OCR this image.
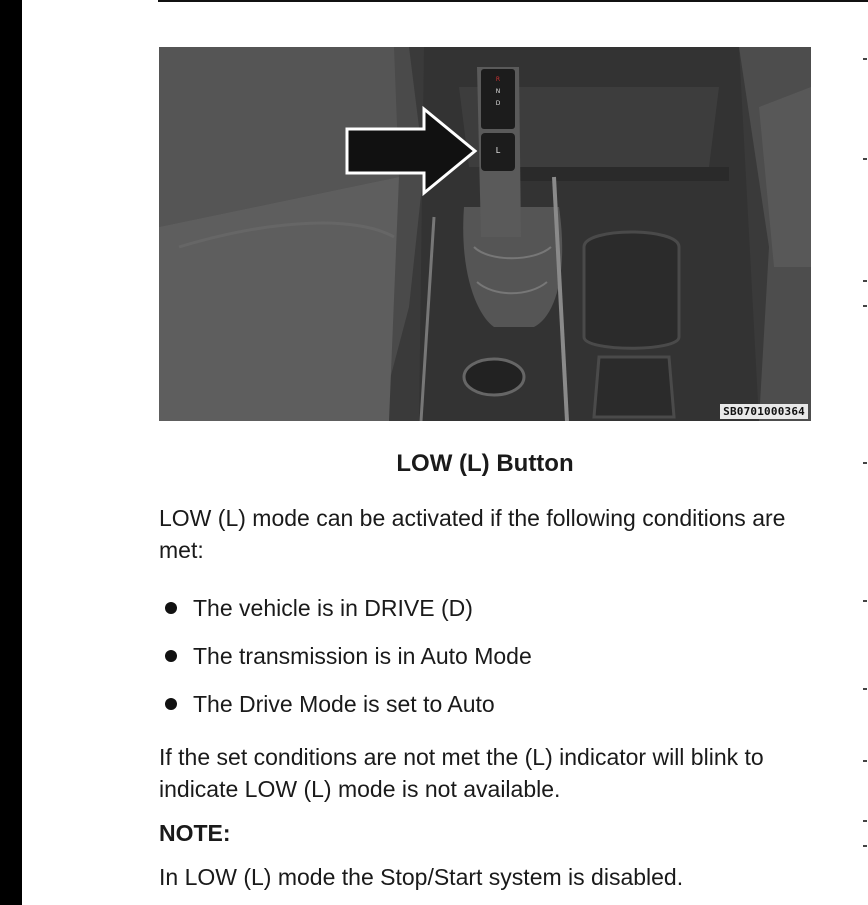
R
N
D
L
SB0701000364
LOW (L) Button

LOW (L) mode can be activated if the following conditions are met:

The vehicle is in DRIVE (D)
The transmission is in Auto Mode
The Drive Mode is set to Auto

If the set conditions are not met the (L) indicator will blink to indicate LOW (L) mode is not available.

NOTE:

In LOW (L) mode the Stop/Start system is disabled.
